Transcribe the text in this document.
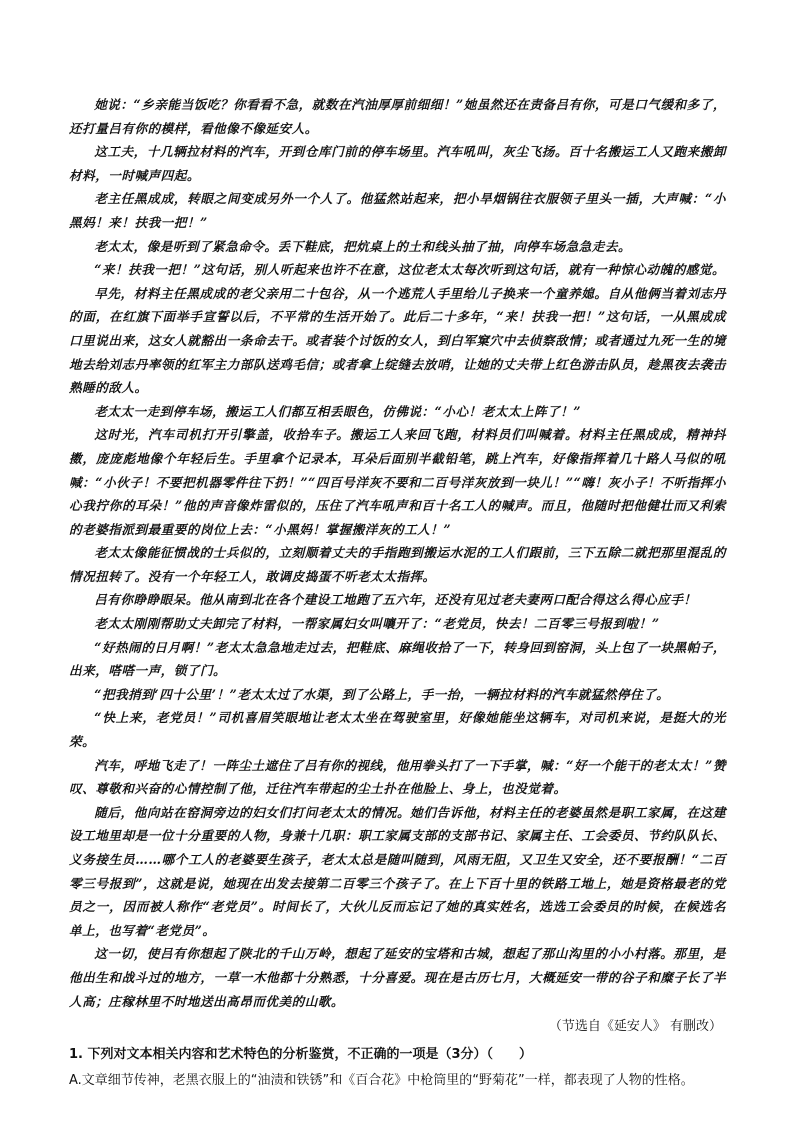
她说：“乡亲能当饭吃？你看看不急，就数在汽油厚厚前细细！”她虽然还在责备吕有你，可是口气缓和多了，还打量吕有你的模样，看他像不像延安人。

这工夫，十几辆拉材料的汽车，开到仓库门前的停车场里。汽车吼叫，灰尘飞扬。百十名搬运工人又跑来搬卸材料，一时喊声四起。

老主任黑成成，转眼之间变成另外一个人了。他猛然站起来，把小旱烟锅往衣服领子里头一插，大声喊：“小黑妈！来！扶我一把！”

老太太，像是听到了紧急命令。丢下鞋底，把炕桌上的土和线头抽了抽，向停车场急急走去。

“来！扶我一把！”这句话，别人听起来也许不在意，这位老太太每次听到这句话，就有一种惊心动魄的感觉。

早先，材料主任黑成成的老父亲用二十包谷，从一个逃荒人手里给儿子换来一个童养媳。自从他俩当着刘志丹的面，在红旗下面举手宣誓以后，不平常的生活开始了。此后二十多年，“来！扶我一把！”这句话，一从黑成成口里说出来，这女人就豁出一条命去干。或者装个讨饭的女人，到白军窠穴中去侦察敌情；或者通过九死一生的境地去给刘志丹率领的红军主力部队送鸡毛信；或者拿上绽缝去放哨，让她的丈夫带上红色游击队员，趁黑夜去袭击熟睡的敌人。

老太太一走到停车场，搬运工人们都互相丢眼色，仿佛说：“小心！老太太上阵了！”

这时光，汽车司机打开引擎盖，收拾车子。搬运工人来回飞跑，材料员们叫喊着。材料主任黑成成，精神抖擞，庞庞彪地像个年轻后生。手里拿个记录本，耳朵后面别半截铅笔，跳上汽车，好像指挥着几十路人马似的吼喊：“小伙子！不要把机器零件往下扔！”“四百号洋灰不要和二百号洋灰放到一块儿！”“嗨！灰小子！不听指挥小心我拧你的耳朵！”他的声音像炸雷似的，压住了汽车吼声和百十名工人的喊声。而且，他随时把他健壮而又利索的老婆指派到最重要的岗位上去：“小黑妈！掌握搬洋灰的工人！”

老太太像能征惯战的士兵似的，立刻顺着丈夫的手指跑到搬运水泥的工人们跟前，三下五除二就把那里混乱的情况扭转了。没有一个年轻工人，敢调皮捣蛋不听老太太指挥。

吕有你睁睁眼呆。他从南到北在各个建设工地跑了五六年，还没有见过老夫妻两口配合得这么得心应手！

老太太刚刚帮助丈夫卸完了材料，一帮家属妇女叫嚷开了：“老党员，快去！二百零三号报到啦！”

“好热闹的日月啊！”老太太急急地走过去，把鞋底、麻绳收拾了一下，转身回到窑洞，头上包了一块黑帕子，出来，嗒嗒一声，锁了门。

“把我捎到‘四十公里’！”老太太过了水渠，到了公路上，手一抬，一辆拉材料的汽车就猛然停住了。

“快上来，老党员！”司机喜眉笑眼地让老太太坐在驾驶室里，好像她能坐这辆车，对司机来说，是挺大的光荣。

汽车，呼地飞走了！一阵尘土遮住了吕有你的视线，他用拳头打了一下手掌，喊：“好一个能干的老太太！”赞叹、尊敬和兴奋的心情控制了他，迁往汽车带起的尘土扑在他脸上、身上，也没觉着。

随后，他向站在窑洞旁边的妇女们打问老太太的情况。她们告诉他，材料主任的老婆虽然是职工家属，在这建设工地里却是一位十分重要的人物，身兼十几职：职工家属支部的支部书记、家属主任、工会委员、节约队队长、义务接生员……哪个工人的老婆要生孩子，老太太总是随叫随到，风雨无阻，又卫生又安全，还不要报酬！“二百零三号报到”，这就是说，她现在出发去接第二百零三个孩子了。在上下百十里的铁路工地上，她是资格最老的党员之一，因而被人称作“老党员”。时间长了，大伙儿反而忘记了她的真实姓名，选选工会委员的时候，在候选名单上，也写着“老党员”。

这一切，使吕有你想起了陕北的千山万岭，想起了延安的宝塔和古城，想起了那山沟里的小小村落。那里，是他出生和战斗过的地方，一草一木他都十分熟悉，十分喜爱。现在是古历七月，大概延安一带的谷子和糜子长了半人高；庄稼林里不时地送出高昂而优美的山歌。

（节选自《延安人》 有删改）

1. 下列对文本相关内容和艺术特色的分析鉴赏，不正确的一项是（3分）（　　）

A.文章细节传神，老黑衣服上的“油渍和铁锈”和《百合花》中枪筒里的“野菊花”一样，都表现了人物的性格。
